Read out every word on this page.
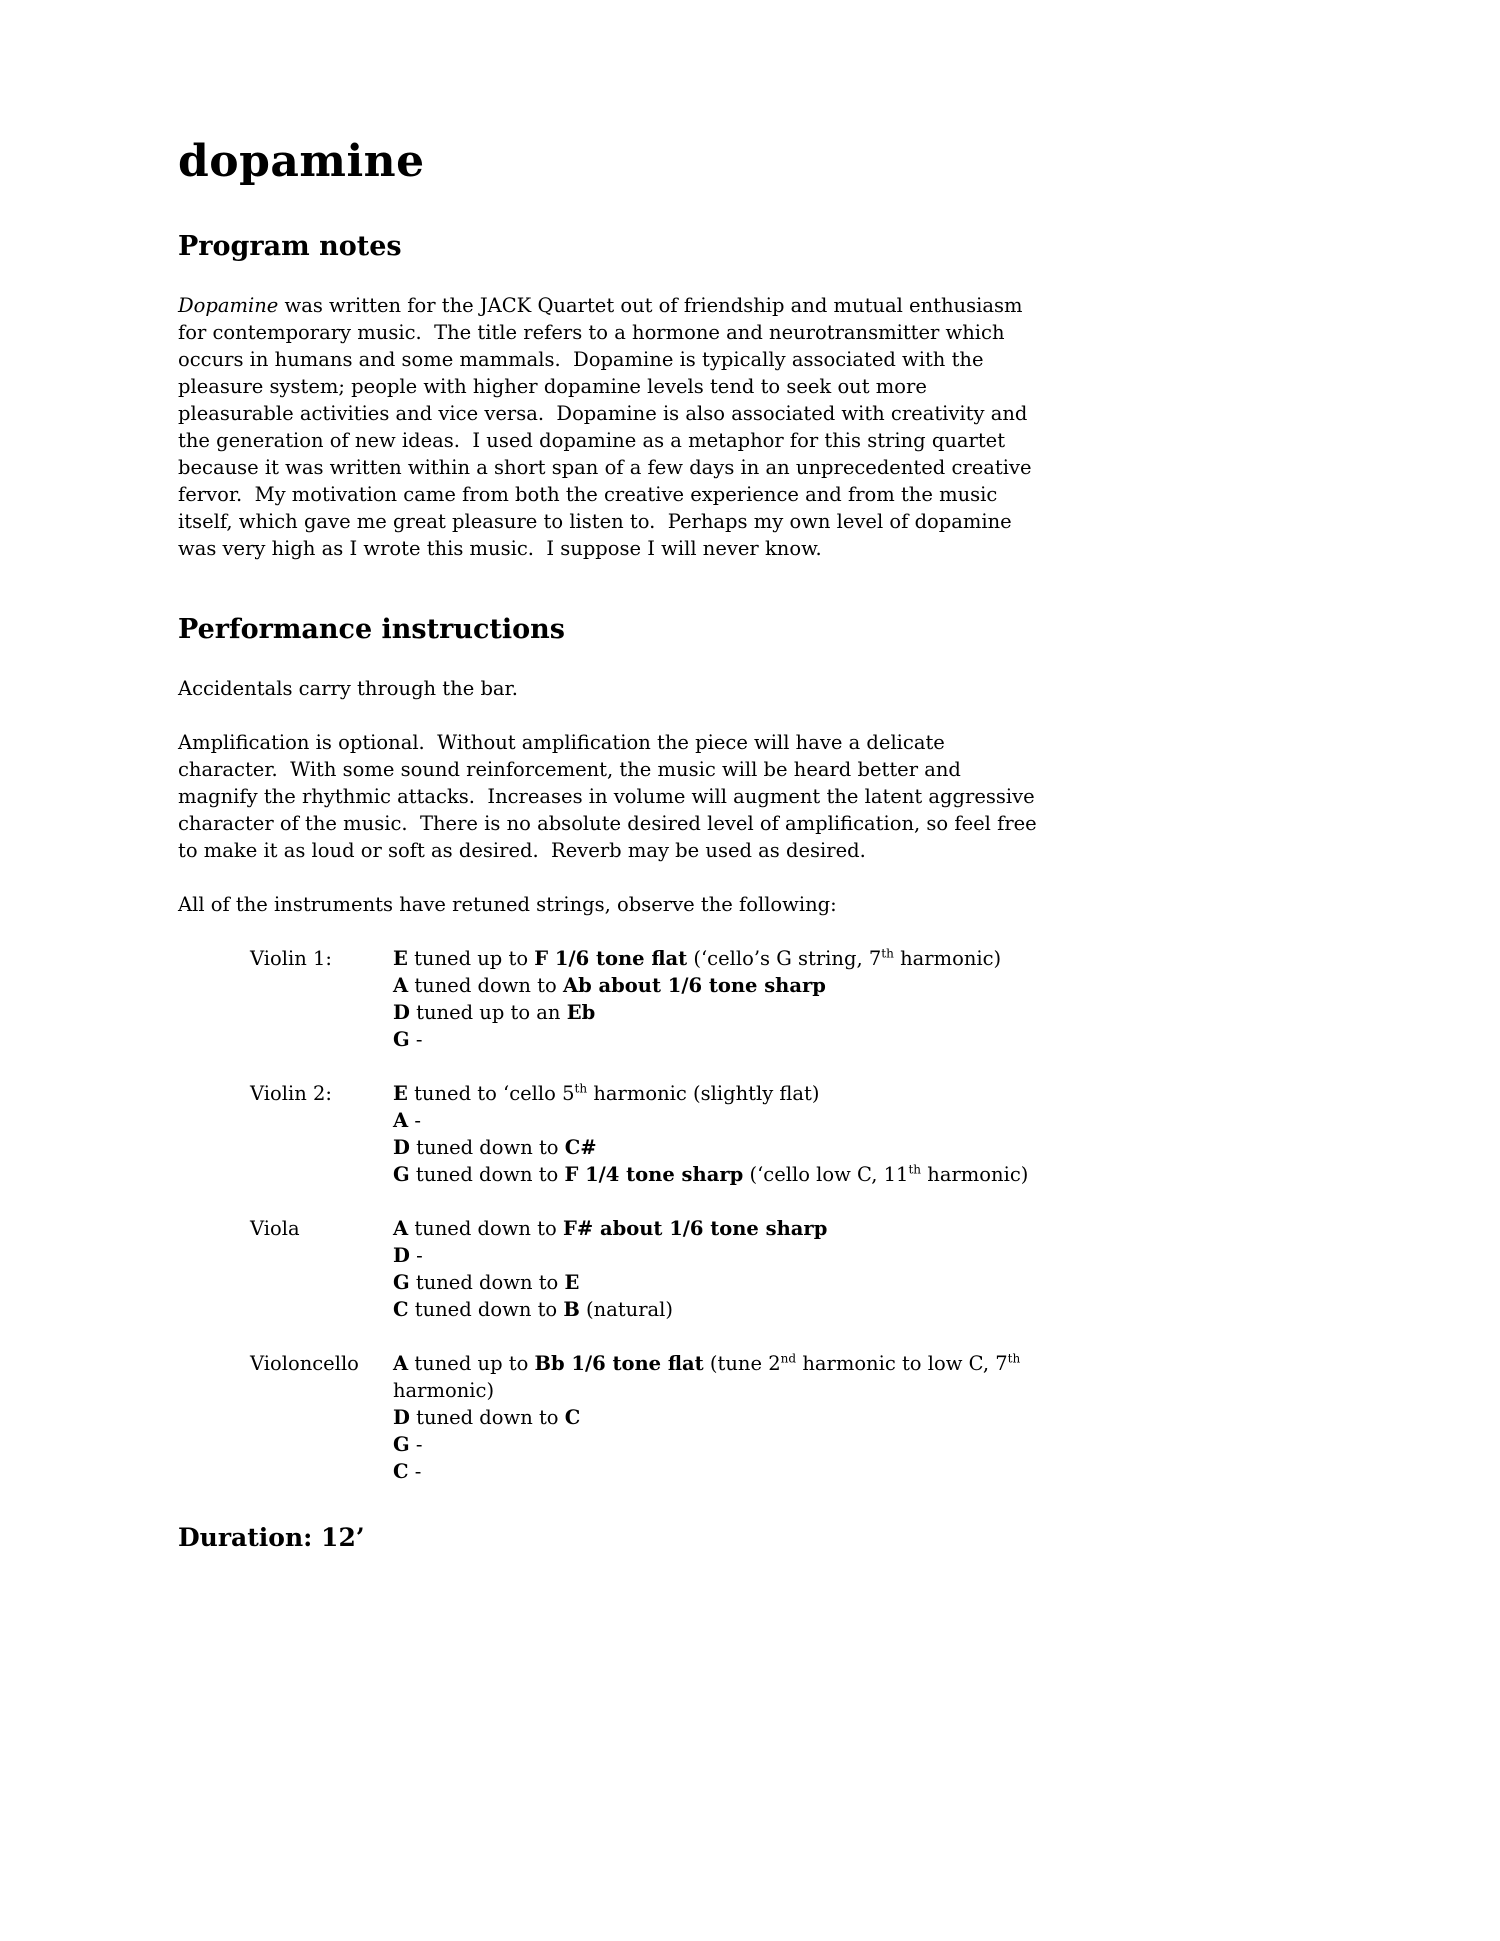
dopamine
Program notes

Dopamine was written for the JACK Quartet out of friendship and mutual enthusiasm for contemporary music.  The title refers to a hormone and neurotransmitter which occurs in humans and some mammals.  Dopamine is typically associated with the pleasure system; people with higher dopamine levels tend to seek out more pleasurable activities and vice versa.  Dopamine is also associated with creativity and the generation of new ideas.  I used dopamine as a metaphor for this string quartet because it was written within a short span of a few days in an unprecedented creative fervor.  My motivation came from both the creative experience and from the music itself, which gave me great pleasure to listen to.  Perhaps my own level of dopamine was very high as I wrote this music.  I suppose I will never know.

Performance instructions

Accidentals carry through the bar.

Amplification is optional.  Without amplification the piece will have a delicate character.  With some sound reinforcement, the music will be heard better and magnify the rhythmic attacks.  Increases in volume will augment the latent aggressive character of the music.  There is no absolute desired level of amplification, so feel free to make it as loud or soft as desired.  Reverb may be used as desired.

All of the instruments have retuned strings, observe the following:

Violin 1:	E tuned up to F 1/6 tone flat (‘cello’s G string, 7th harmonic)
A tuned down to Ab about 1/6 tone sharp
D tuned up to an Eb
G -
Violin 2:	E tuned to ‘cello 5th harmonic (slightly flat)
A -
D tuned down to C#
G tuned down to F 1/4 tone sharp (‘cello low C, 11th harmonic)
Viola	A tuned down to F# about 1/6 tone sharp
D -
G tuned down to E
C tuned down to B (natural)
Violoncello	A tuned up to Bb 1/6 tone flat (tune 2nd harmonic to low C, 7th harmonic)
D tuned down to C
G -
C -
Duration: 12’
